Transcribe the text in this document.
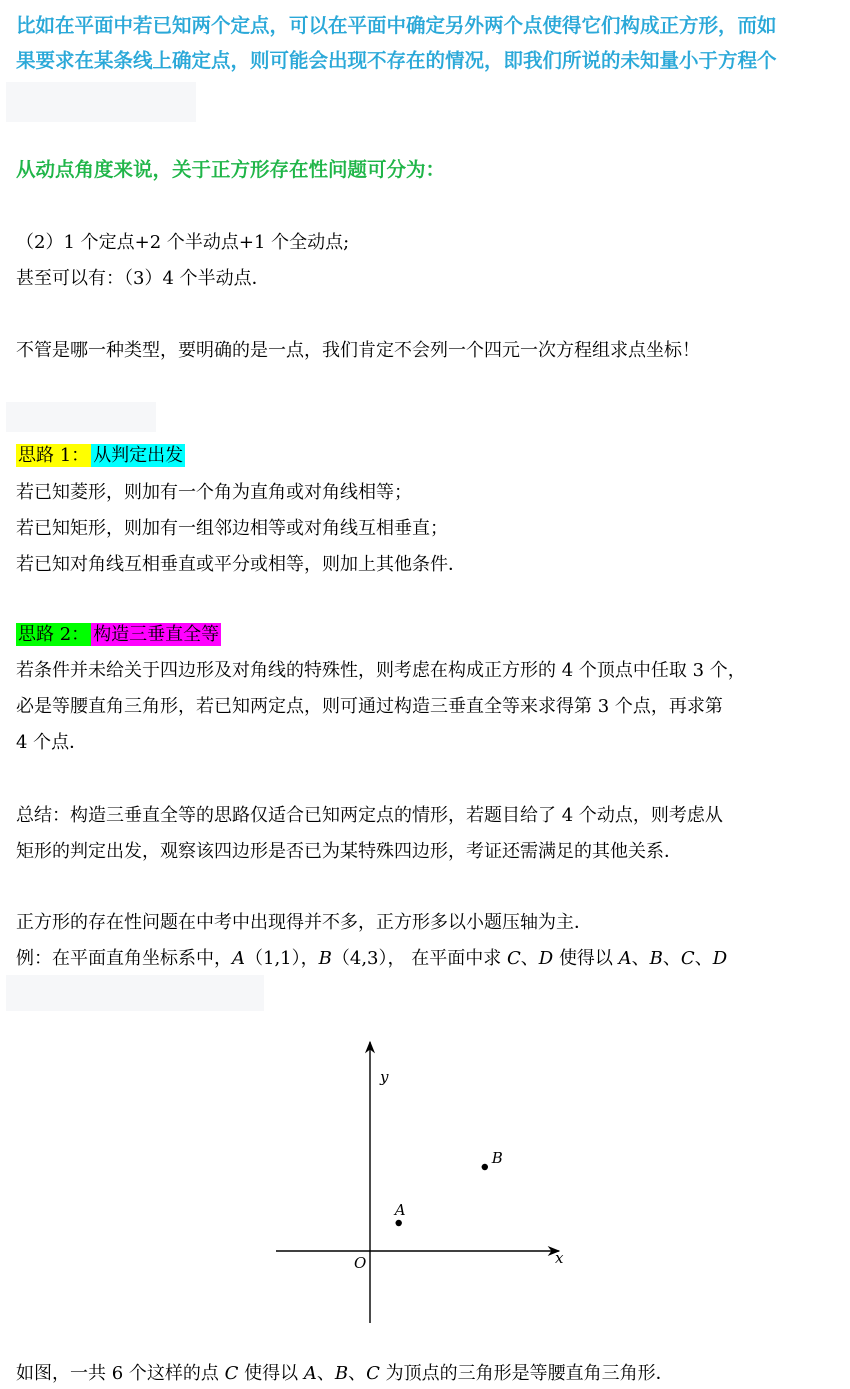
比如在平面中若已知两个定点，可以在平面中确定另外两个点使得它们构成正方形，而如
果要求在某条线上确定点，则可能会出现不存在的情况，即我们所说的未知量小于方程个
从动点角度来说，关于正方形存在性问题可分为：
（2）1 个定点+2 个半动点+1 个全动点;
甚至可以有：（3）4 个半动点．
不管是哪一种类型，要明确的是一点，我们肯定不会列一个四元一次方程组求点坐标！
思路 1： 从判定出发
若已知菱形，则加有一个角为直角或对角线相等；
若已知矩形，则加有一组邻边相等或对角线互相垂直；
若已知对角线互相垂直或平分或相等，则加上其他条件．
思路 2： 构造三垂直全等
若条件并未给关于四边形及对角线的特殊性，则考虑在构成正方形的 4 个顶点中任取 3 个，
必是等腰直角三角形，若已知两定点，则可通过构造三垂直全等来求得第 3 个点，再求第
4 个点．
总结：构造三垂直全等的思路仅适合已知两定点的情形，若题目给了 4 个动点，则考虑从
矩形的判定出发，观察该四边形是否已为某特殊四边形，考证还需满足的其他关系．
正方形的存在性问题在中考中出现得并不多，正方形多以小题压轴为主．
例：在平面直角坐标系中，A（1,1），B（4,3）， 在平面中求 C、D 使得以 A、B、C、D
O	x
y
A
B
如图，一共 6 个这样的点 C 使得以 A、B、C 为顶点的三角形是等腰直角三角形．
